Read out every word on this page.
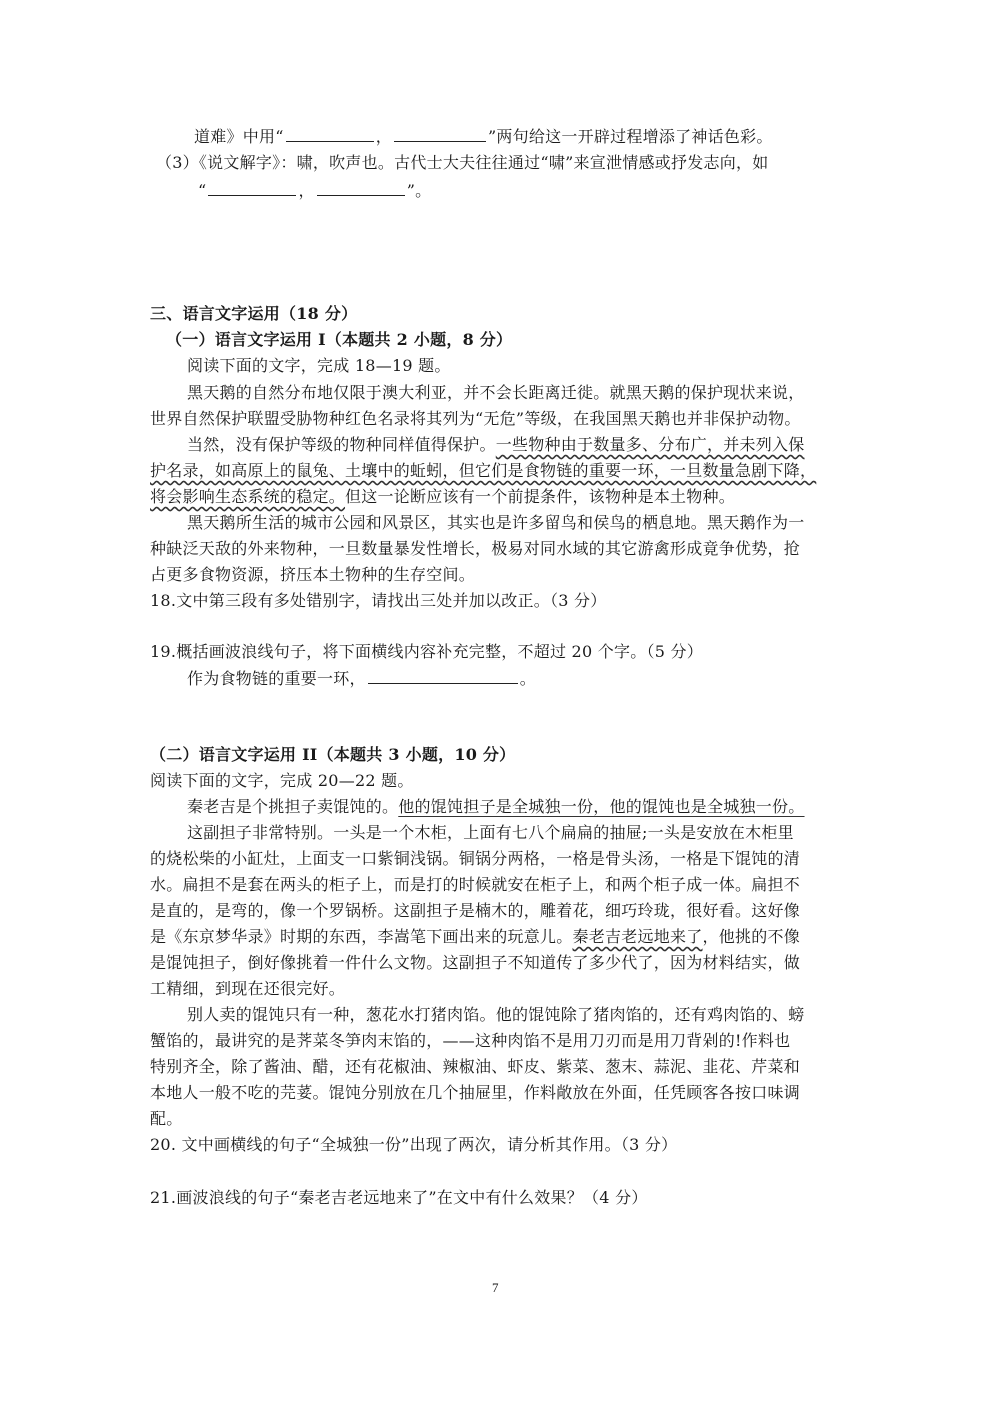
道难》中用“	，	”两句给这一开辟过程增添了神话色彩。
（3）《说文解字》：啸，吹声也。古代士大夫往往通过“啸”来宣泄情感或抒发志向，如
“	，	”。
三、语言文字运用（18 分）
（一）语言文字运用 I（本题共 2 小题，8 分）
阅读下面的文字，完成 18—19 题。
黑天鹅的自然分布地仅限于澳大利亚，并不会长距离迁徙。就黑天鹅的保护现状来说，
世界自然保护联盟受胁物种红色名录将其列为“无危”等级，在我国黑天鹅也并非保护动物。
当然，没有保护等级的物种同样值得保护。一些物种由于数量多、分布广，并未列入保
护名录，如高原上的鼠兔、土壤中的蚯蚓，但它们是食物链的重要一环，一旦数量急剧下降，
将会影响生态系统的稳定。但这一论断应该有一个前提条件，该物种是本土物种。
黑天鹅所生活的城市公园和风景区，其实也是许多留鸟和侯鸟的栖息地。黑天鹅作为一
种缺泛天敌的外来物种，一旦数量暴发性增长，极易对同水域的其它游禽形成竟争优势，抢
占更多食物资源，挤压本土物种的生存空间。
18.文中第三段有多处错别字，请找出三处并加以改正。（3 分）
19.概括画波浪线句子，将下面横线内容补充完整，不超过 20 个字。（5 分）
作为食物链的重要一环，	。
（二）语言文字运用 II（本题共 3 小题，10 分）
阅读下面的文字，完成 20—22 题。
秦老吉是个挑担子卖馄饨的。他的馄饨担子是全城独一份，他的馄饨也是全城独一份。
这副担子非常特别。一头是一个木柜，上面有七八个扁扁的抽屉;一头是安放在木柜里
的烧松柴的小缸灶，上面支一口紫铜浅锅。铜锅分两格，一格是骨头汤，一格是下馄饨的清
水。扁担不是套在两头的柜子上，而是打的时候就安在柜子上，和两个柜子成一体。扁担不
是直的，是弯的，像一个罗锅桥。这副担子是楠木的，雕着花，细巧玲珑，很好看。这好像
是《东京梦华录》时期的东西，李嵩笔下画出来的玩意儿。秦老吉老远地来了，他挑的不像
是馄饨担子，倒好像挑着一件什么文物。这副担子不知道传了多少代了，因为材料结实，做
工精细，到现在还很完好。
别人卖的馄饨只有一种，葱花水打猪肉馅。他的馄饨除了猪肉馅的，还有鸡肉馅的、螃
蟹馅的，最讲究的是荠菜冬笋肉末馅的，——这种肉馅不是用刀刃而是用刀背剁的!作料也
特别齐全，除了酱油、醋，还有花椒油、辣椒油、虾皮、紫菜、葱末、蒜泥、韭花、芹菜和
本地人一般不吃的芫荽。馄饨分别放在几个抽屉里，作料敞放在外面，任凭顾客各按口味调
配。
20. 文中画横线的句子“全城独一份”出现了两次，请分析其作用。（3 分）
21.画波浪线的句子“秦老吉老远地来了”在文中有什么效果？（4 分）
7
